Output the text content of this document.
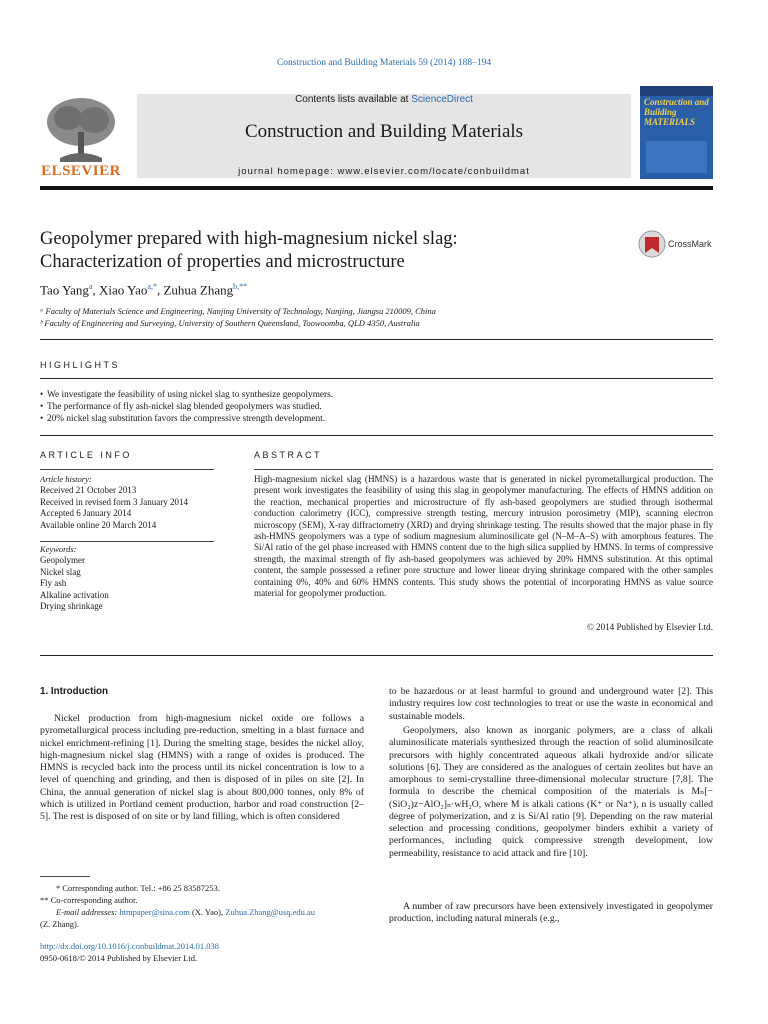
Construction and Building Materials 59 (2014) 188–194
Contents lists available at ScienceDirect
Construction and Building Materials
journal homepage: www.elsevier.com/locate/conbuildmat
ELSEVIER
Construction and Building MATERIALS
Geopolymer prepared with high-magnesium nickel slag:
Characterization of properties and microstructure
CrossMark
Tao Yang$^a$, Xiao Yao$^{a,*}$, Zuhua Zhang$^{b,**}$
ᵃ Faculty of Materials Science and Engineering, Nanjing University of Technology, Nanjing, Jiangsu 210009, China
ᵇ Faculty of Engineering and Surveying, University of Southern Queensland, Toowoomba, QLD 4350, Australia
HIGHLIGHTS
• We investigate the feasibility of using nickel slag to synthesize geopolymers.
• The performance of fly ash-nickel slag blended geopolymers was studied.
• 20% nickel slag substitution favors the compressive strength development.
ARTICLE INFO
Article history:
Received 21 October 2013
Received in revised form 3 January 2014
Accepted 6 January 2014
Available online 20 March 2014
Keywords:
Geopolymer
Nickel slag
Fly ash
Alkaline activation
Drying shrinkage
ABSTRACT
High-magnesium nickel slag (HMNS) is a hazardous waste that is generated in nickel pyrometallurgical production. The present work investigates the feasibility of using this slag in geopolymer manufacturing. The effects of HMNS addition on the reaction, mechanical properties and microstructure of fly ash-based geopolymers are studied through isothermal conduction calorimetry (ICC), compressive strength testing, mercury intrusion porosimetry (MIP), scanning electron microscopy (SEM), X-ray diffractometry (XRD) and drying shrinkage testing. The results showed that the major phase in fly ash-HMNS geopolymers was a type of sodium magnesium aluminosilicate gel (N–M–A–S) with amorphous features. The Si/Al ratio of the gel phase increased with HMNS content due to the high silica supplied by HMNS. In terms of compressive strength, the maximal strength of fly ash-based geopolymers was achieved by 20% HMNS substitution. At this optimal content, the sample possessed a refiner pore structure and lower linear drying shrinkage compared with the other samples containing 0%, 40% and 60% HMNS contents. This study shows the potential of incorporating HMNS as value source material for geopolymer production.
© 2014 Published by Elsevier Ltd.
1. Introduction
Nickel production from high-magnesium nickel oxide ore follows a pyrometallurgical process including pre-reduction, smelting in a blast furnace and nickel enrichment-refining [1]. During the smelting stage, besides the nickel alloy, high-magnesium nickel slag (HMNS) with a range of oxides is produced. The HMNS is recycled back into the process until its nickel concentration is low to a level of quenching and grinding, and then is disposed of in piles on site [2]. In China, the annual generation of nickel slag is about 800,000 tonnes, only 8% of which is utilized in Portland cement production, harbor and road construction [2–5]. The rest is disposed of on site or by land filling, which is often considered
to be hazardous or at least harmful to ground and underground water [2]. This industry requires low cost technologies to treat or use the waste in economical and sustainable models.
Geopolymers, also known as inorganic polymers, are a class of alkali aluminosilicate materials synthesized through the reaction of solid aluminosilcate precursors with highly concentrated aqueous alkali hydroxide and/or silicate solutions [6]. They are considered as the analogues of certain zeolites but have an amorphous to semi-crystalline three-dimensional molecular structure [7,8]. The formula to describe the chemical composition of the materials is Mₙ[−(SiO₂)z−AlO₂]ₙ·wH₂O, where M is alkali cations (K⁺ or Na⁺), n is usually called degree of polymerization, and z is Si/Al ratio [9]. Depending on the raw material selection and processing conditions, geopolymer binders exhibit a variety of performances, including quick compressive strength development, low permeability, resistance to acid attack and fire [10].
A number of raw precursors have been extensively investigated in geopolymer production, including natural minerals (e.g.,
* Corresponding author. Tel.: +86 25 83587253.
** Co-corresponding author.
E-mail addresses: htmpaper@sina.com (X. Yao), Zuhua.Zhang@usq.edu.au
(Z. Zhang).
http://dx.doi.org/10.1016/j.conbuildmat.2014.01.038
0950-0618/© 2014 Published by Elsevier Ltd.
